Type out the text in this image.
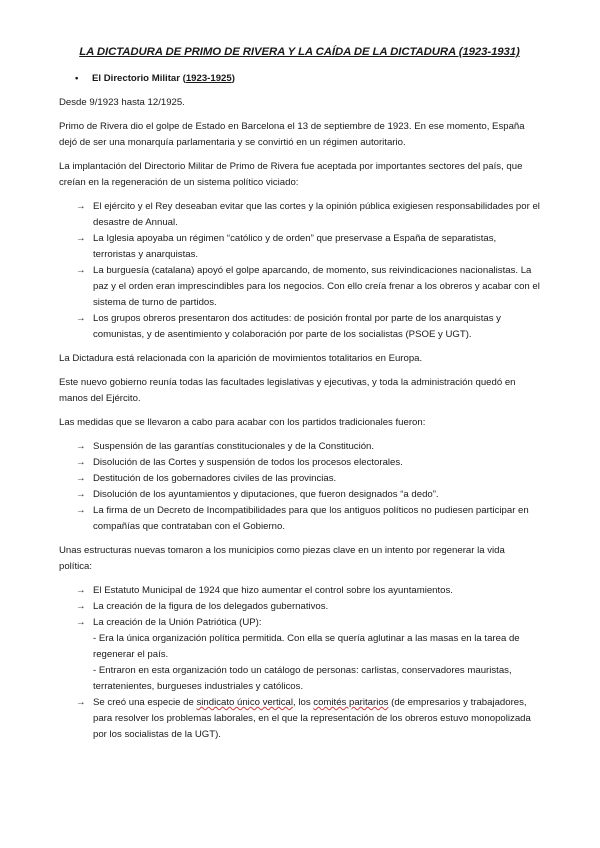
LA DICTADURA DE PRIMO DE RIVERA Y LA CAÍDA DE LA DICTADURA (1923-1931)
•	El Directorio Militar (1923-1925)

Desde 9/1923 hasta 12/1925.

Primo de Rivera dio el golpe de Estado en Barcelona el 13 de septiembre de 1923. En ese momento, España dejó de ser una monarquía parlamentaria y se convirtió en un régimen autoritario.

La implantación del Directorio Militar de Primo de Rivera fue aceptada por importantes sectores del país, que creían en la regeneración de un sistema político viciado:

→ El ejército y el Rey deseaban evitar que las cortes y la opinión pública exigiesen responsabilidades por el desastre de Annual.
→ La Iglesia apoyaba un régimen “católico y de orden” que preservase a España de separatistas, terroristas y anarquistas.
→ La burguesía (catalana) apoyó el golpe aparcando, de momento, sus reivindicaciones nacionalistas. La paz y el orden eran imprescindibles para los negocios. Con ello creía frenar a los obreros y acabar con el sistema de turno de partidos.
→ Los grupos obreros presentaron dos actitudes: de posición frontal por parte de los anarquistas y comunistas, y de asentimiento y colaboración por parte de los socialistas (PSOE y UGT).

La Dictadura está relacionada con la aparición de movimientos totalitarios en Europa.

Este nuevo gobierno reunía todas las facultades legislativas y ejecutivas, y toda la administración quedó en manos del Ejército.

Las medidas que se llevaron a cabo para acabar con los partidos tradicionales fueron:

→ Suspensión de las garantías constitucionales y de la Constitución.
→ Disolución de las Cortes y suspensión de todos los procesos electorales.
→ Destitución de los gobernadores civiles de las provincias.
→ Disolución de los ayuntamientos y diputaciones, que fueron designados “a dedo”.
→ La firma de un Decreto de Incompatibilidades para que los antiguos políticos no pudiesen participar en compañías que contrataban con el Gobierno.

Unas estructuras nuevas tomaron a los municipios como piezas clave en un intento por regenerar la vida política:

→ El Estatuto Municipal de 1924 que hizo aumentar el control sobre los ayuntamientos.
→ La creación de la figura de los delegados gubernativos.
→ La creación de la Unión Patriótica (UP):
- Era la única organización política permitida. Con ella se quería aglutinar a las masas en la tarea de regenerar el país.
- Entraron en esta organización todo un catálogo de personas: carlistas, conservadores mauristas, terratenientes, burgueses industriales y católicos.
→ Se creó una especie de sindicato único vertical, los comités paritarios (de empresarios y trabajadores, para resolver los problemas laborales, en el que la representación de los obreros estuvo monopolizada por los socialistas de la UGT).
